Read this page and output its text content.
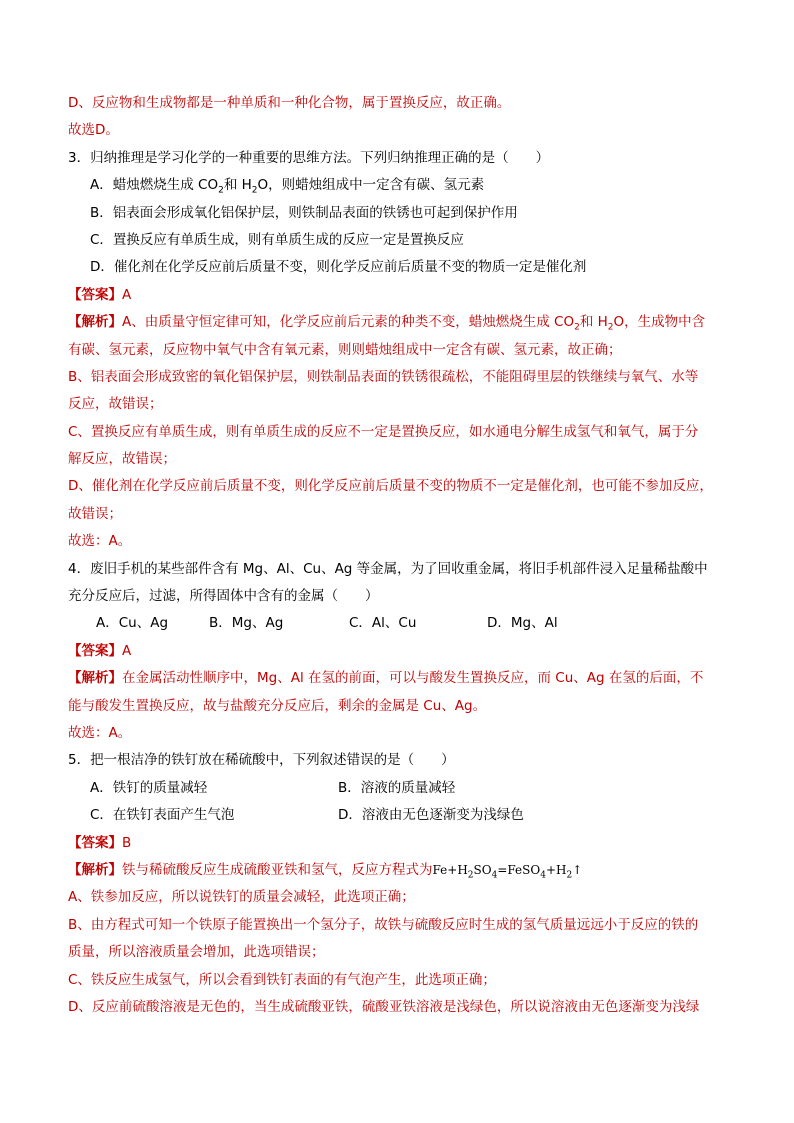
D、反应物和生成物都是一种单质和一种化合物，属于置换反应，故正确。
故选D。
3．归纳推理是学习化学的一种重要的思维方法。下列归纳推理正确的是（　　）
A．蜡烛燃烧生成 $CO_2$和 $H_2O$，则蜡烛组成中一定含有碳、氢元素
B．铝表面会形成氧化铝保护层，则铁制品表面的铁锈也可起到保护作用
C．置换反应有单质生成，则有单质生成的反应一定是置换反应
D．催化剂在化学反应前后质量不变，则化学反应前后质量不变的物质一定是催化剂
【答案】A
【解析】A、由质量守恒定律可知，化学反应前后元素的种类不变，蜡烛燃烧生成 $CO_2$和 $H_2O$，生成物中含
有碳、氢元素，反应物中氧气中含有氧元素，则则蜡烛组成中一定含有碳、氢元素，故正确；
B、铝表面会形成致密的氧化铝保护层，则铁制品表面的铁锈很疏松，不能阻碍里层的铁继续与氧气、水等
反应，故错误；
C、置换反应有单质生成，则有单质生成的反应不一定是置换反应，如水通电分解生成氢气和氧气，属于分
解反应，故错误；
D、催化剂在化学反应前后质量不变，则化学反应前后质量不变的物质不一定是催化剂，也可能不参加反应，
故错误；
故选：A。
4．废旧手机的某些部件含有 Mg、Al、Cu、Ag 等金属，为了回收重金属，将旧手机部件浸入足量稀盐酸中
充分反应后，过滤，所得固体中含有的金属（　　）
A．Cu、Ag	B．Mg、Ag	C．Al、Cu	D．Mg、Al
【答案】A
【解析】在金属活动性顺序中，Mg、Al 在氢的前面，可以与酸发生置换反应，而 Cu、Ag 在氢的后面，不
能与酸发生置换反应，故与盐酸充分反应后，剩余的金属是 Cu、Ag。
故选：A。
5．把一根洁净的铁钉放在稀硫酸中，下列叙述错误的是（　　）
A．铁钉的质量减轻	B．溶液的质量减轻
C．在铁钉表面产生气泡	D．溶液由无色逐渐变为浅绿色
【答案】B
【解析】铁与稀硫酸反应生成硫酸亚铁和氢气，反应方程式为$Fe+H_2SO_4=FeSO_4+H_2↑$
A、铁参加反应，所以说铁钉的质量会减轻，此选项正确；
B、由方程式可知一个铁原子能置换出一个氢分子，故铁与硫酸反应时生成的氢气质量远远小于反应的铁的
质量，所以溶液质量会增加，此选项错误；
C、铁反应生成氢气，所以会看到铁钉表面的有气泡产生，此选项正确；
D、反应前硫酸溶液是无色的，当生成硫酸亚铁，硫酸亚铁溶液是浅绿色，所以说溶液由无色逐渐变为浅绿
